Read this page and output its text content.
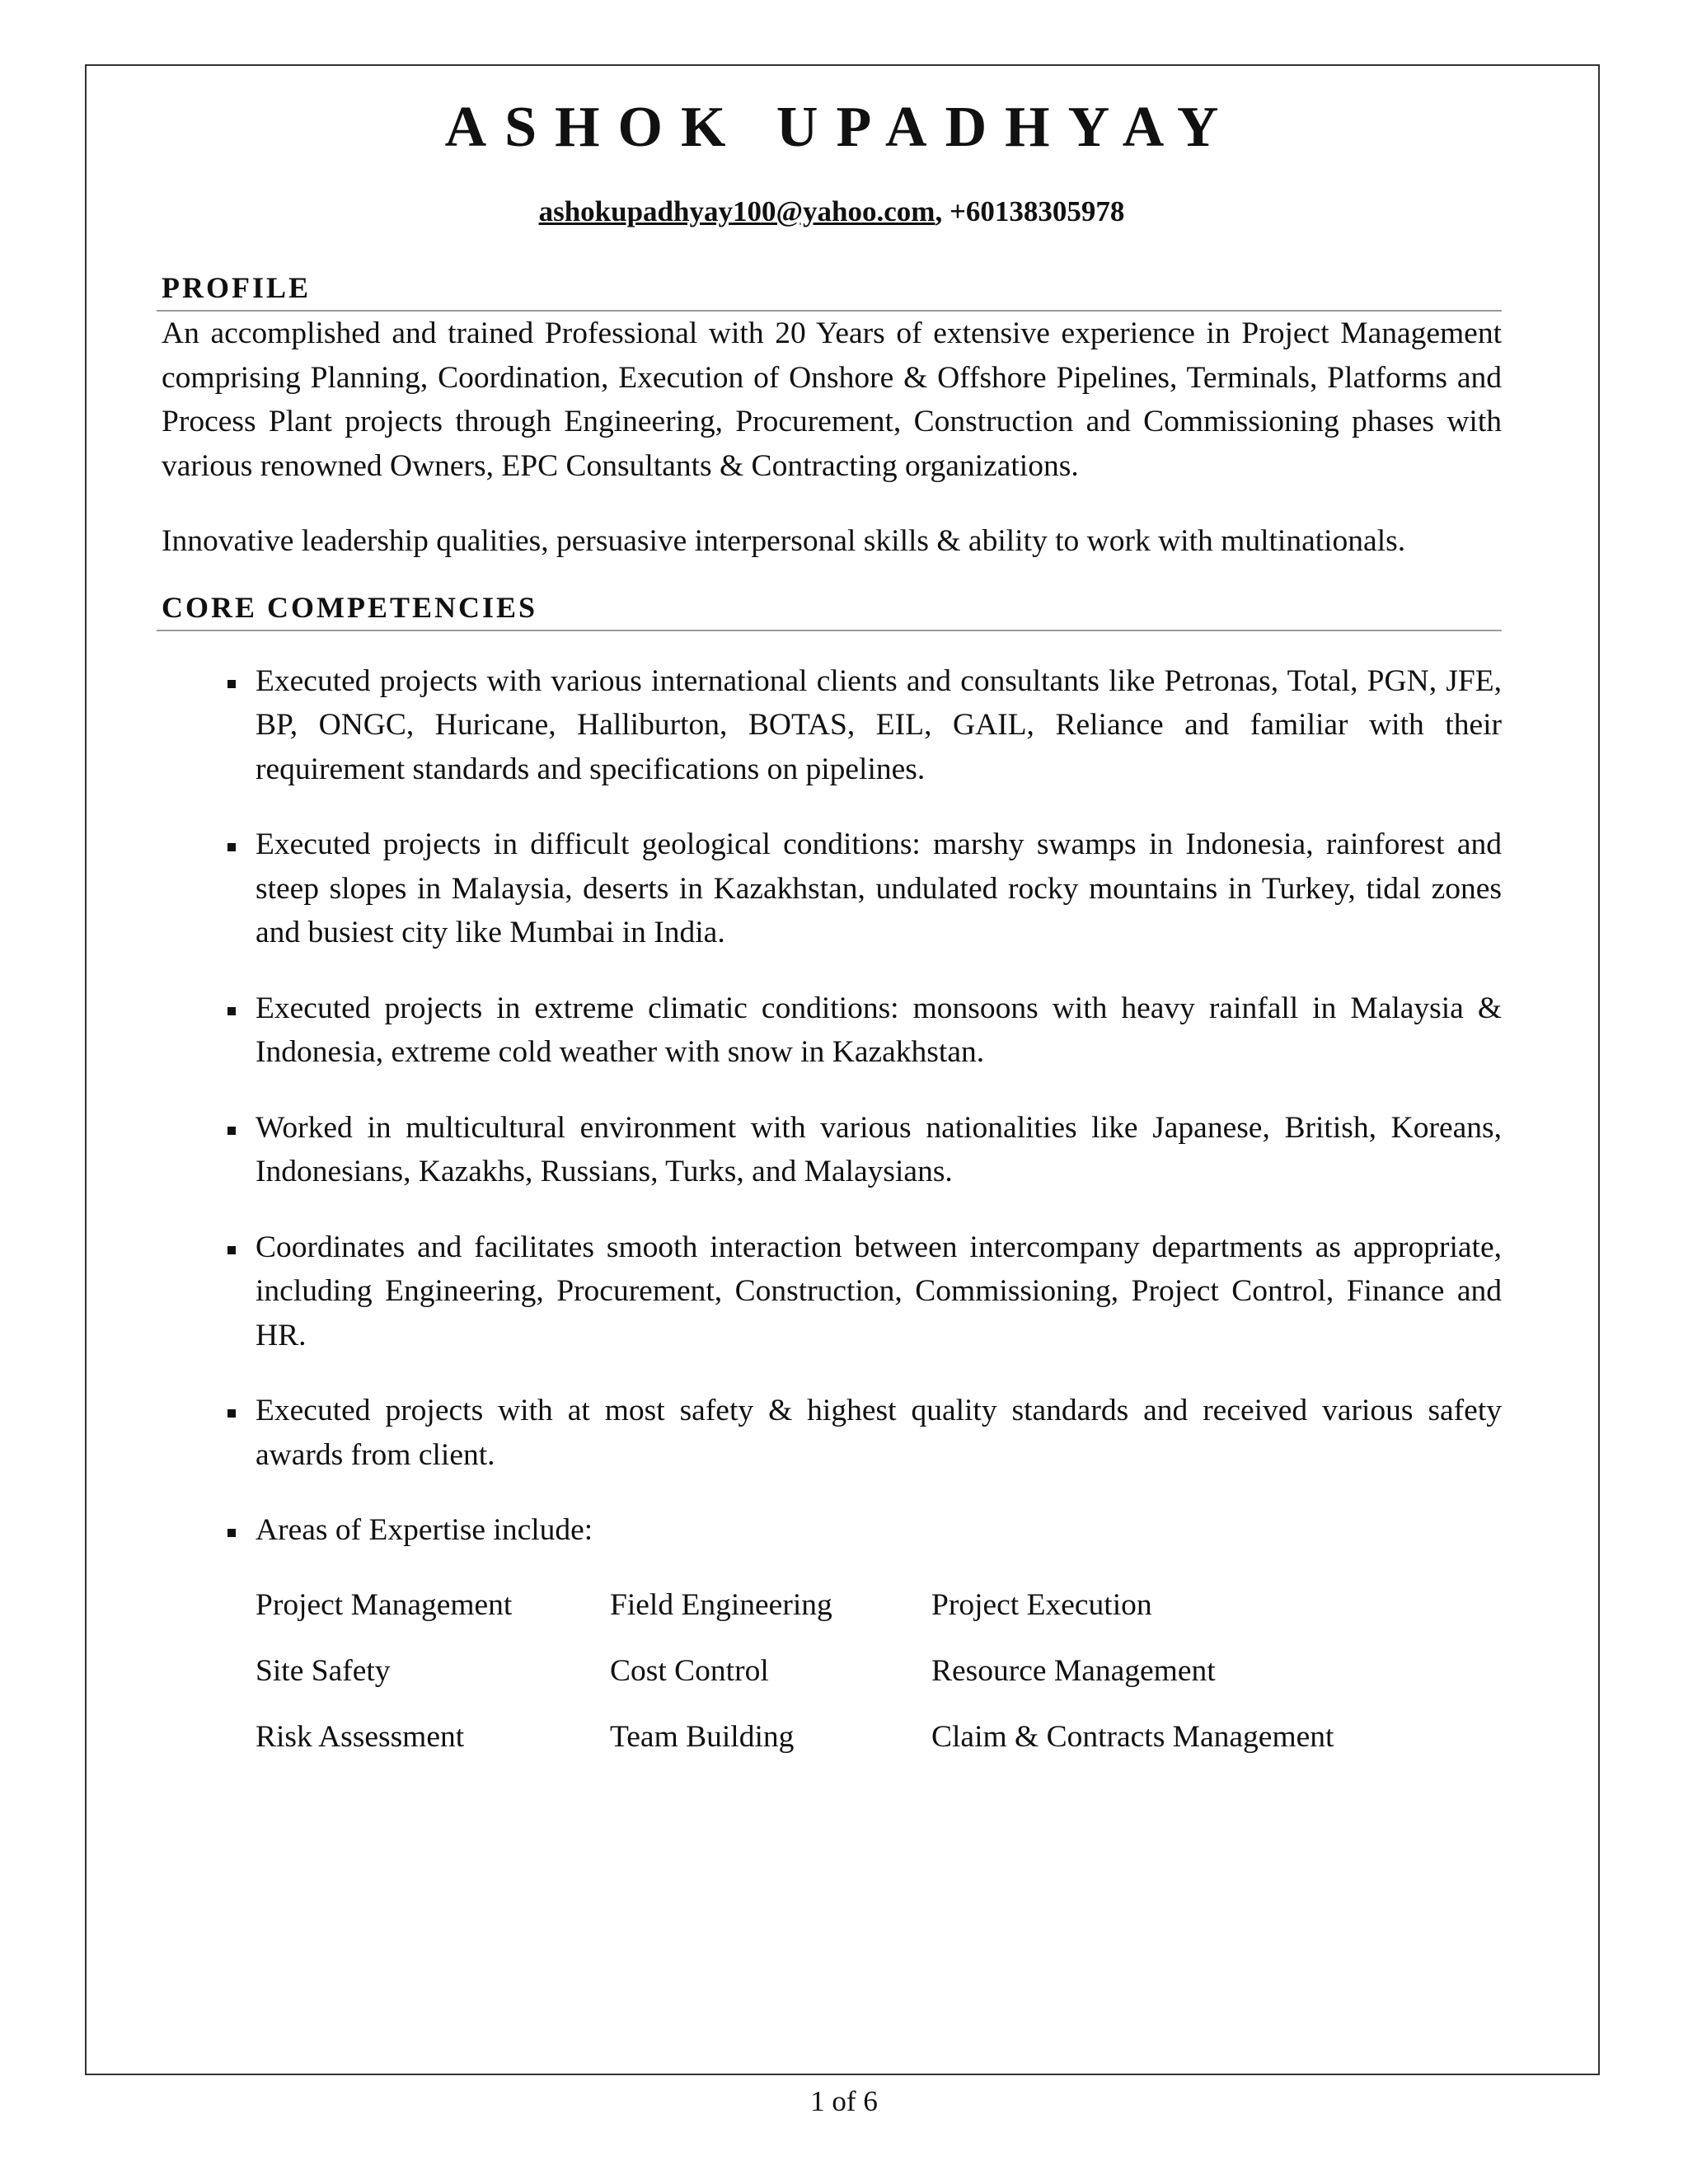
ASHOK UPADHYAY
ashokupadhyay100@yahoo.com, +60138305978
PROFILE

An accomplished and trained Professional with 20 Years of extensive experience in Project Management comprising Planning, Coordination, Execution of Onshore & Offshore Pipelines, Terminals, Platforms and Process Plant projects through Engineering, Procurement, Construction and Commissioning phases with various renowned Owners, EPC Consultants & Contracting organizations.

Innovative leadership qualities, persuasive interpersonal skills & ability to work with multinationals.

CORE COMPETENCIES
Executed projects with various international clients and consultants like Petronas, Total, PGN, JFE, BP, ONGC, Huricane, Halliburton, BOTAS, EIL, GAIL, Reliance and familiar with their requirement standards and specifications on pipelines.
Executed projects in difficult geological conditions: marshy swamps in Indonesia, rainforest and steep slopes in Malaysia, deserts in Kazakhstan, undulated rocky mountains in Turkey, tidal zones and busiest city like Mumbai in India.
Executed projects in extreme climatic conditions: monsoons with heavy rainfall in Malaysia & Indonesia, extreme cold weather with snow in Kazakhstan.
Worked in multicultural environment with various nationalities like Japanese, British, Koreans, Indonesians, Kazakhs, Russians, Turks, and Malaysians.
Coordinates and facilitates smooth interaction between intercompany departments as appropriate, including Engineering, Procurement, Construction, Commissioning, Project Control, Finance and HR.
Executed projects with at most safety & highest quality standards and received various safety awards from client.
Areas of Expertise include:
Project Management	Field Engineering	Project Execution
Site Safety	Cost Control	Resource Management
Risk Assessment	Team Building	Claim & Contracts Management
1 of 6
